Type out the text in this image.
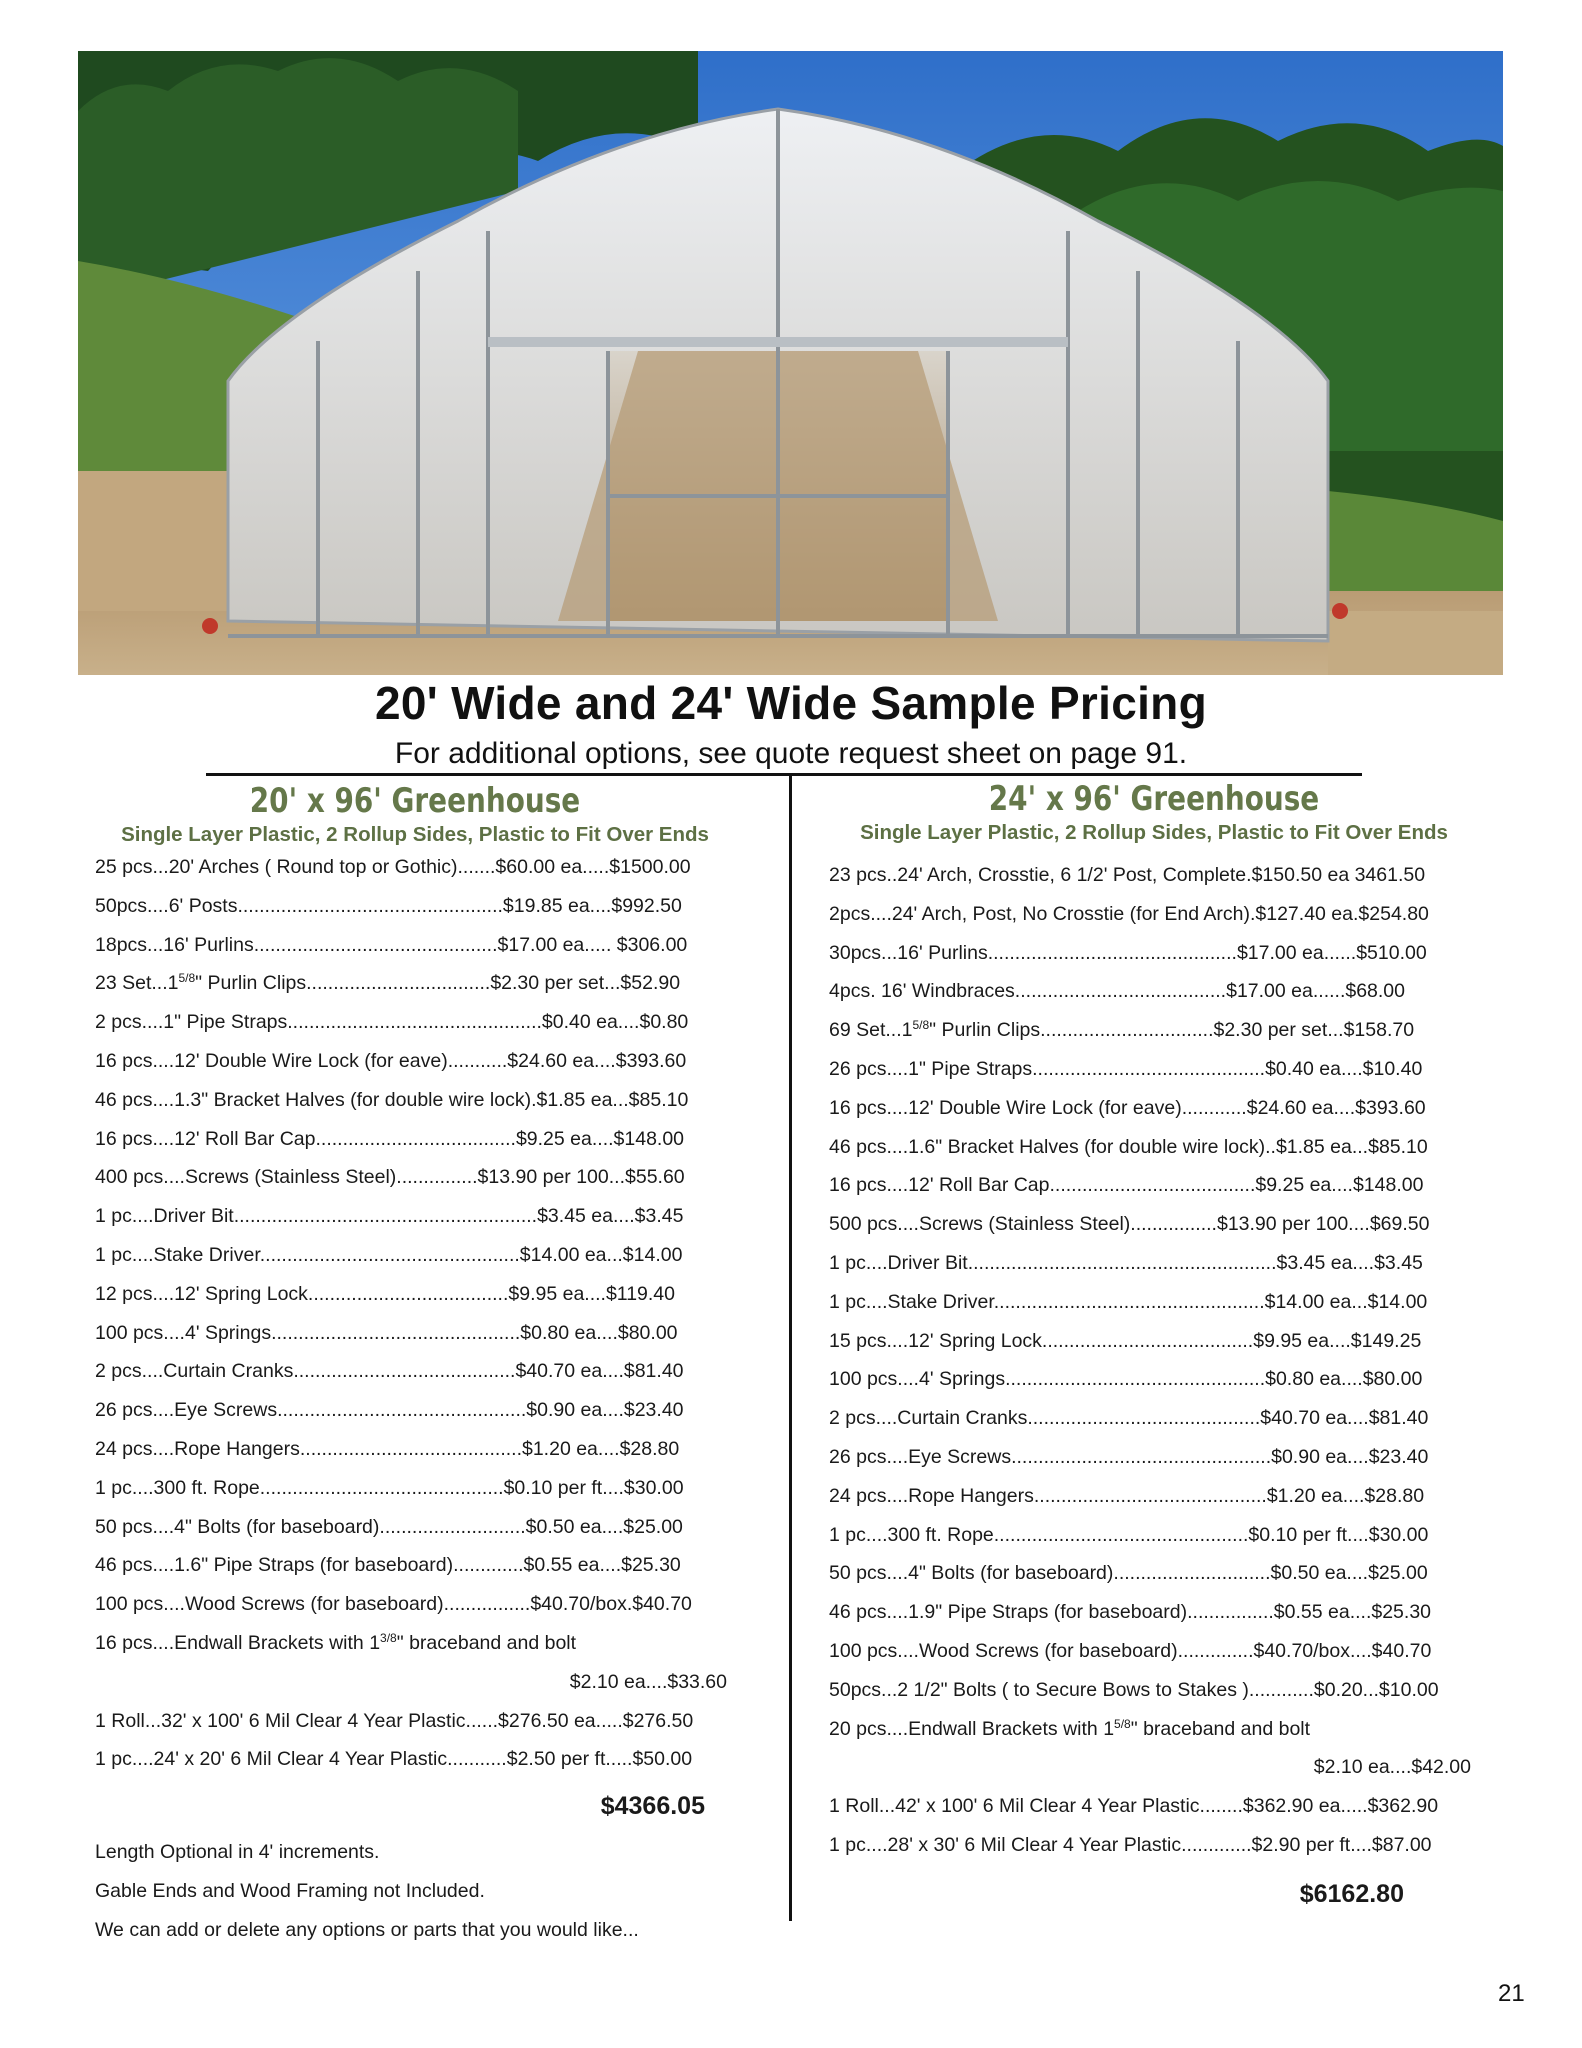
20' Wide and 24' Wide Sample Pricing
For additional options, see quote request sheet on page 91.
20' x 96' Greenhouse
Single Layer Plastic, 2 Rollup Sides, Plastic to Fit Over Ends
25 pcs...20' Arches ( Round top or Gothic).......$60.00 ea.....$1500.00
50pcs....6' Posts.................................................$19.85 ea....$992.50
18pcs...16' Purlins.............................................$17.00 ea..... $306.00
23 $Set...1^{5/8}$" Purlin Clips..................................$2.30 per set...$52.90
2 pcs....1" Pipe Straps...............................................$0.40 ea....$0.80
16 pcs....12' Double Wire Lock (for eave)...........$24.60 ea....$393.60
46 pcs....1.3" Bracket Halves (for double wire lock).$1.85 ea...$85.10
16 pcs....12' Roll Bar Cap.....................................$9.25 ea....$148.00
400 pcs....Screws (Stainless Steel)...............$13.90 per 100...$55.60
1 pc....Driver Bit........................................................$3.45 ea....$3.45
1 pc....Stake Driver................................................$14.00 ea...$14.00
12 pcs....12' Spring Lock.....................................$9.95 ea....$119.40
100 pcs....4' Springs..............................................$0.80 ea....$80.00
2 pcs....Curtain Cranks.........................................$40.70 ea....$81.40
26 pcs....Eye Screws..............................................$0.90 ea....$23.40
24 pcs....Rope Hangers.........................................$1.20 ea....$28.80
1 pc....300 ft. Rope.............................................$0.10 per ft....$30.00
50 pcs....4" Bolts (for baseboard)...........................$0.50 ea....$25.00
46 pcs....1.6" Pipe Straps (for baseboard).............$0.55 ea....$25.30
100 pcs....Wood Screws (for baseboard)................$40.70/box.$40.70
16 pcs....Endwall Brackets with $1^{3/8}$" braceband and bolt
$2.10 ea....$33.60
1 Roll...32' x 100' 6 Mil Clear 4 Year Plastic......$276.50 ea.....$276.50
1 pc....24' x 20' 6 Mil Clear 4 Year Plastic...........$2.50 per ft.....$50.00
$4366.05
Length Optional in 4' increments.
Gable Ends and Wood Framing not Included.
We can add or delete any options or parts that you would like...
24' x 96' Greenhouse
Single Layer Plastic, 2 Rollup Sides, Plastic to Fit Over Ends
23 pcs..24' Arch, Crosstie, 6 1/2' Post, Complete.$150.50 ea 3461.50
2pcs....24' Arch, Post, No Crosstie (for End Arch).$127.40 ea.$254.80
30pcs...16' Purlins..............................................$17.00 ea......$510.00
4pcs. 16' Windbraces.......................................$17.00 ea......$68.00
69 $Set...1^{5/8}$" Purlin Clips................................$2.30 per set...$158.70
26 pcs....1" Pipe Straps...........................................$0.40 ea....$10.40
16 pcs....12' Double Wire Lock (for eave)............$24.60 ea....$393.60
46 pcs....1.6" Bracket Halves (for double wire lock)..$1.85 ea...$85.10
16 pcs....12' Roll Bar Cap......................................$9.25 ea....$148.00
500 pcs....Screws (Stainless Steel)................$13.90 per 100....$69.50
1 pc....Driver Bit.........................................................$3.45 ea....$3.45
1 pc....Stake Driver..................................................$14.00 ea...$14.00
15 pcs....12' Spring Lock.......................................$9.95 ea....$149.25
100 pcs....4' Springs................................................$0.80 ea....$80.00
2 pcs....Curtain Cranks...........................................$40.70 ea....$81.40
26 pcs....Eye Screws................................................$0.90 ea....$23.40
24 pcs....Rope Hangers...........................................$1.20 ea....$28.80
1 pc....300 ft. Rope...............................................$0.10 per ft....$30.00
50 pcs....4" Bolts (for baseboard).............................$0.50 ea....$25.00
46 pcs....1.9" Pipe Straps (for baseboard)................$0.55 ea....$25.30
100 pcs....Wood Screws (for baseboard)..............$40.70/box....$40.70
50pcs...2 1/2" Bolts ( to Secure Bows to Stakes )............$0.20...$10.00
20 pcs....Endwall Brackets with $1^{5/8}$" braceband and bolt
$2.10 ea....$42.00
1 Roll...42' x 100' 6 Mil Clear 4 Year Plastic........$362.90 ea.....$362.90
1 pc....28' x 30' 6 Mil Clear 4 Year Plastic.............$2.90 per ft....$87.00
$6162.80
21
